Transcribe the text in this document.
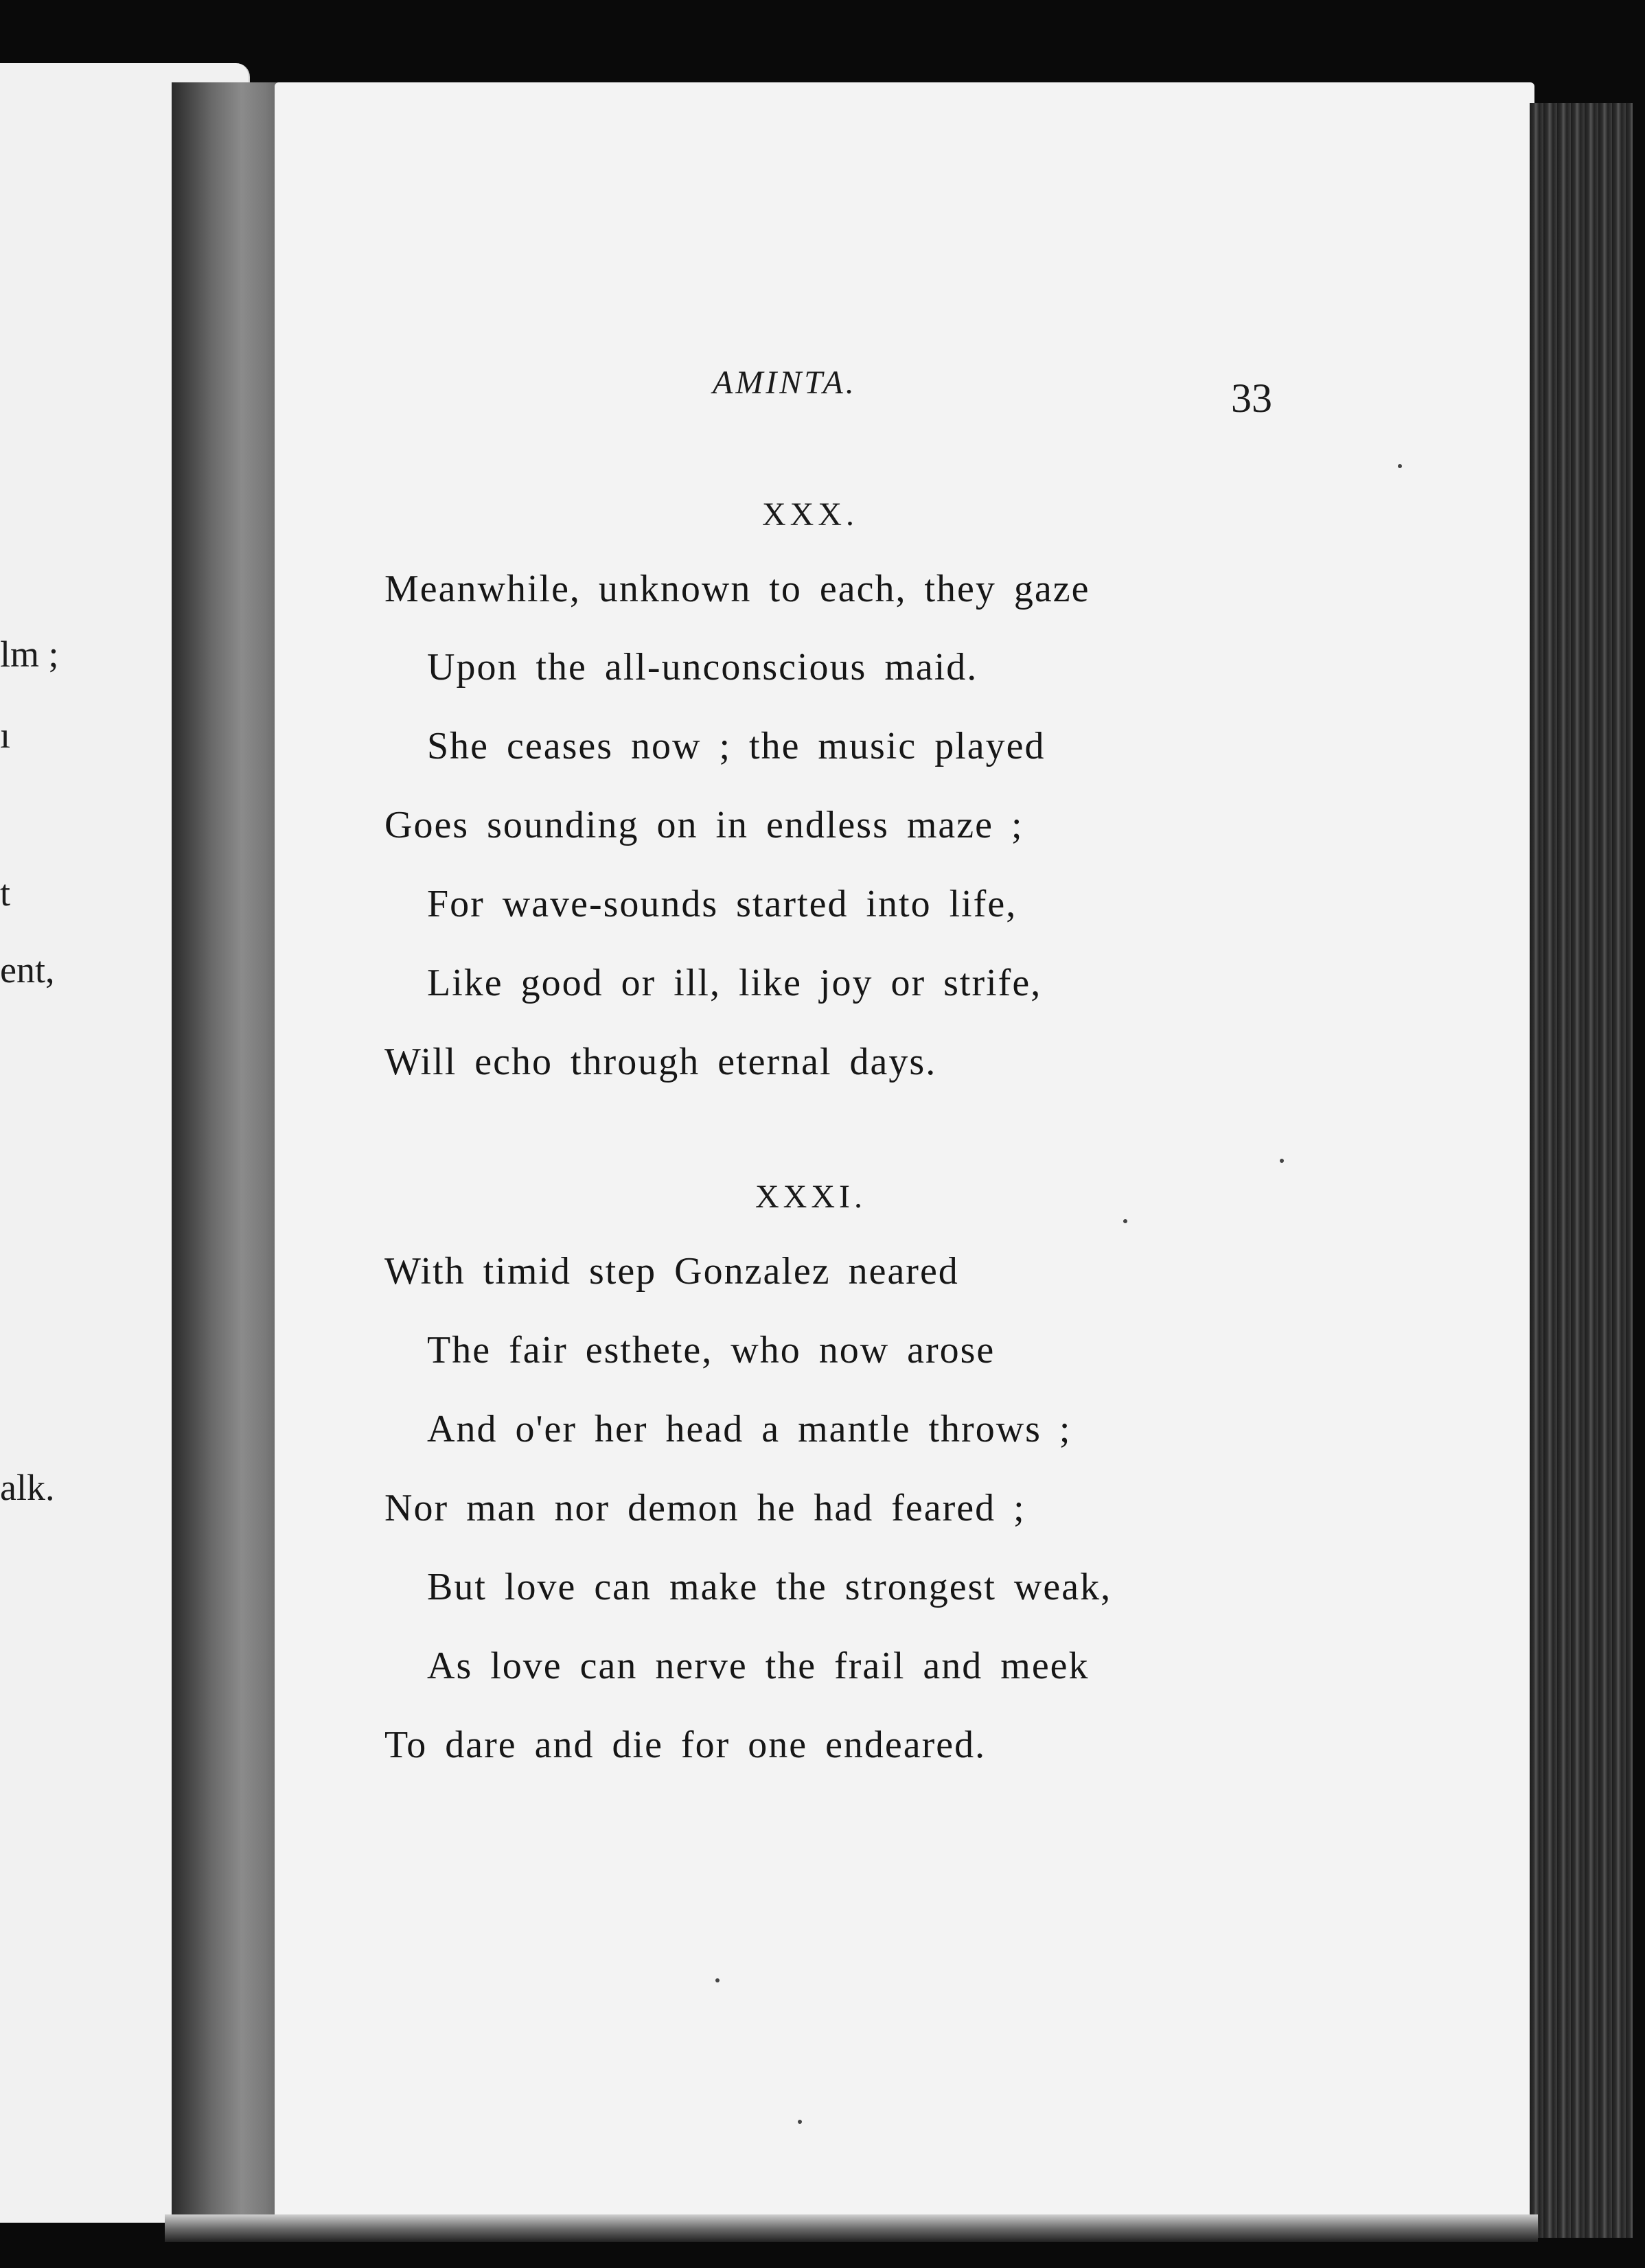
lm ;
ı
t
ent,
alk.
AMINTA.	33
XXX.
Meanwhile, unknown to each, they gaze
Upon the all-unconscious maid.
She ceases now ; the music played
Goes sounding on in endless maze ;
For wave-sounds started into life,
Like good or ill, like joy or strife,
Will echo through eternal days.
XXXI.
With timid step Gonzalez neared
The fair esthete, who now arose
And o'er her head a mantle throws ;
Nor man nor demon he had feared ;
But love can make the strongest weak,
As love can nerve the frail and meek
To dare and die for one endeared.
